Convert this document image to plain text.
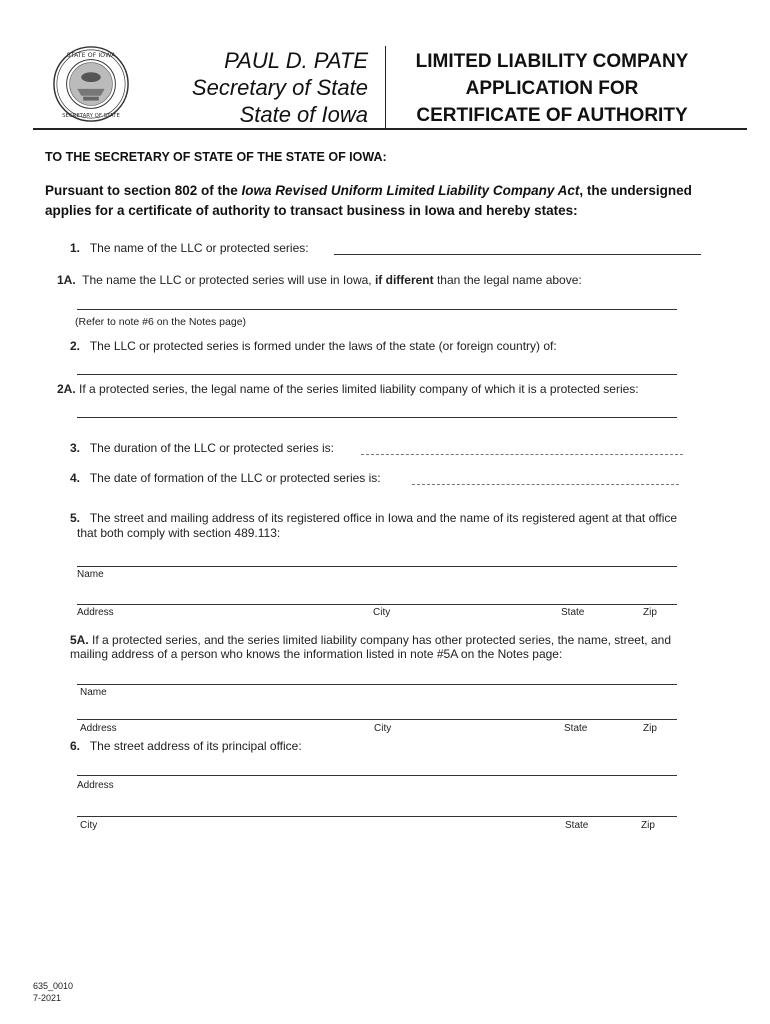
STATE OF IOWA
SECRETARY OF STATE
PAUL D. PATE
Secretary of State
State of Iowa
LIMITED LIABILITY COMPANY
APPLICATION FOR
CERTIFICATE OF AUTHORITY
TO THE SECRETARY OF STATE OF THE STATE OF IOWA:
Pursuant to section 802 of the Iowa Revised Uniform Limited Liability Company Act, the undersigned applies for a certificate of authority to transact business in Iowa and hereby states:
1. The name of the LLC or protected series:
1A. The name the LLC or protected series will use in Iowa, if different than the legal name above:
(Refer to note #6 on the Notes page)
2. The LLC or protected series is formed under the laws of the state (or foreign country) of:
2A. If a protected series, the legal name of the series limited liability company of which it is a protected series:
3. The duration of the LLC or protected series is:
4. The date of formation of the LLC or protected series is:
5. The street and mailing address of its registered office in Iowa and the name of its registered agent at that office
that both comply with section 489.113:
Name
Address	City	State	Zip
5A. If a protected series, and the series limited liability company has other protected series, the name, street, and
mailing address of a person who knows the information listed in note #5A on the Notes page:
Name
Address	City	State	Zip
6. The street address of its principal office:
Address
City	State	Zip
635_0010
7-2021
